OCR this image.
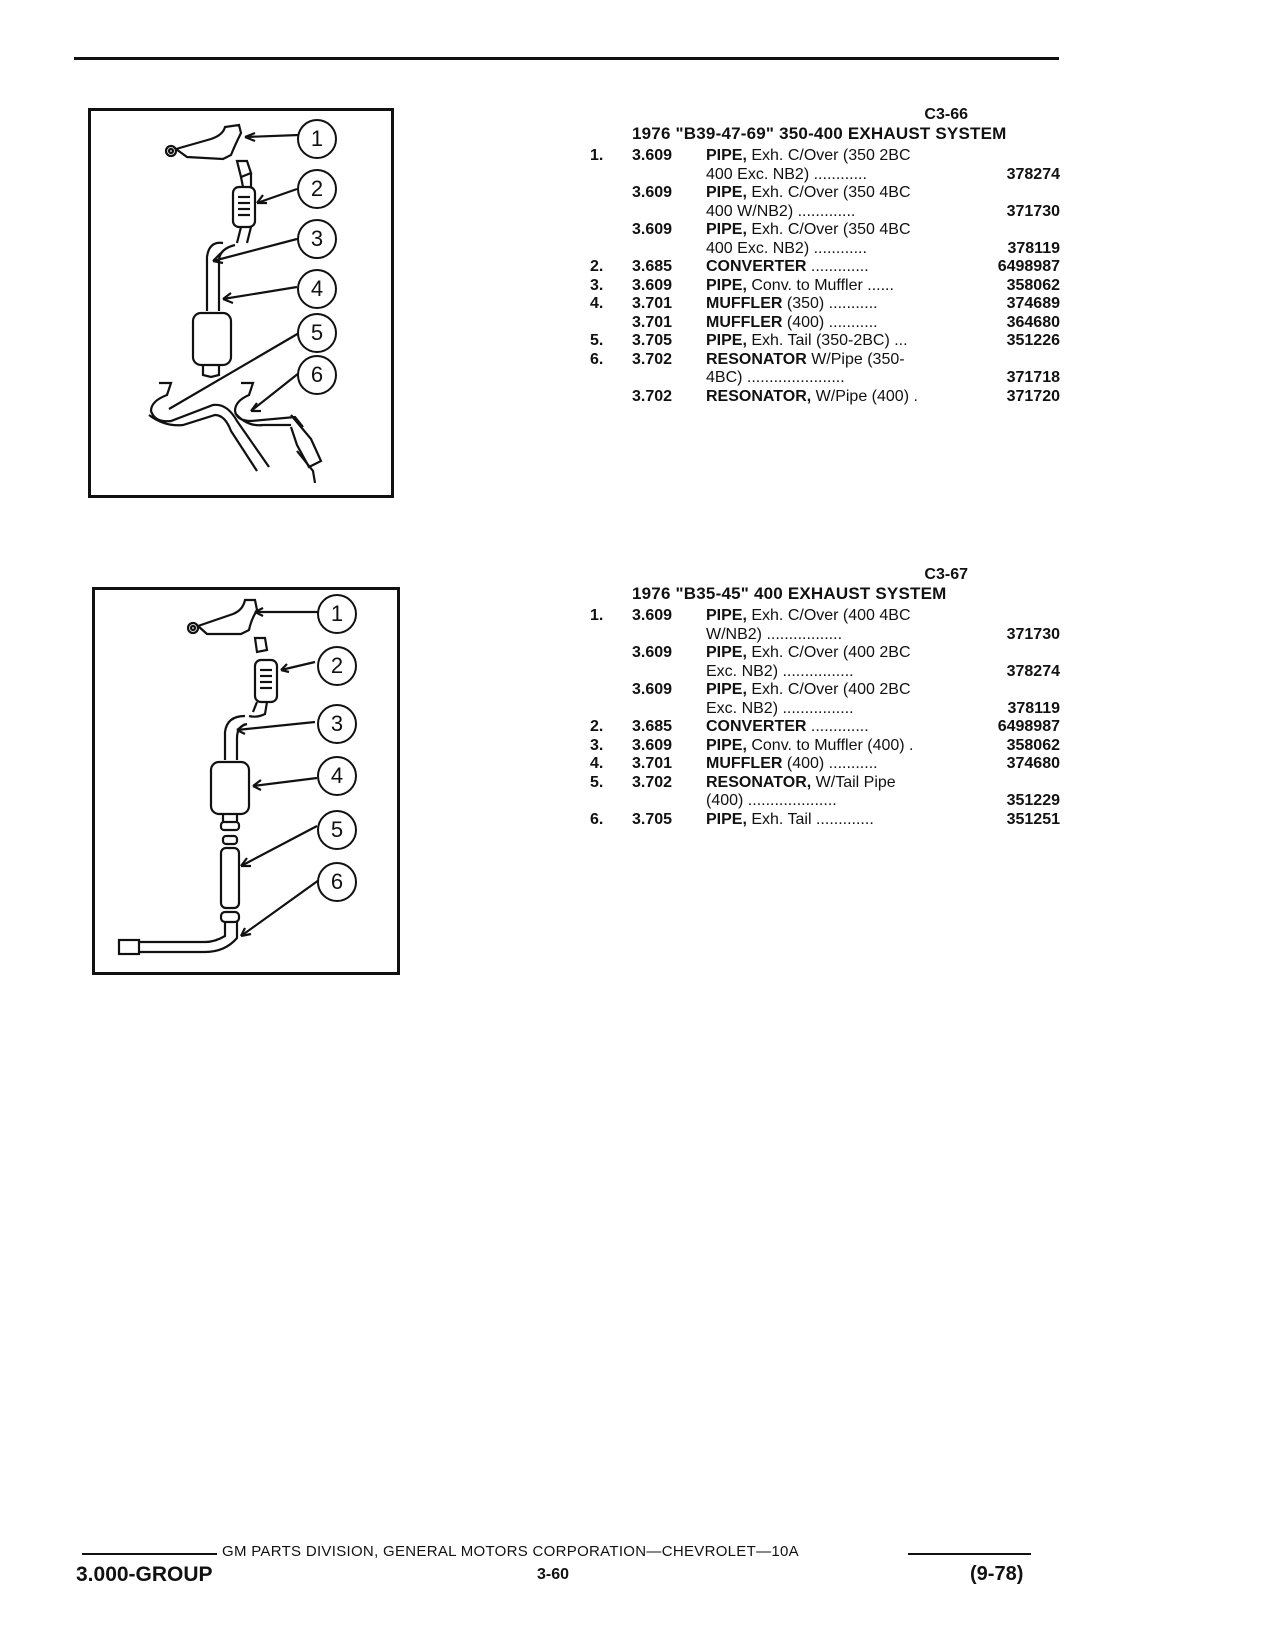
1
2
3
4
5
6
1
2
3
4
5
6
C3-66
1976 "B39-47-69" 350-400 EXHAUST SYSTEM
1.	3.609	PIPE, Exh. C/Over (350 2BC	
		400 Exc. NB2) ............	378274
	3.609	PIPE, Exh. C/Over (350 4BC	
		400 W/NB2) .............	371730
	3.609	PIPE, Exh. C/Over (350 4BC	
		400 Exc. NB2) ............	378119
2.	3.685	CONVERTER .............	6498987
3.	3.609	PIPE, Conv. to Muffler ......	358062
4.	3.701	MUFFLER (350) ...........	374689
	3.701	MUFFLER (400) ...........	364680
5.	3.705	PIPE, Exh. Tail (350-2BC) ...	351226
6.	3.702	RESONATOR W/Pipe (350-	
		4BC) ......................	371718
	3.702	RESONATOR, W/Pipe (400) .	371720
C3-67
1976 "B35-45" 400 EXHAUST SYSTEM
1.	3.609	PIPE, Exh. C/Over (400 4BC	
		W/NB2) .................	371730
	3.609	PIPE, Exh. C/Over (400 2BC	
		Exc. NB2) ................	378274
	3.609	PIPE, Exh. C/Over (400 2BC	
		Exc. NB2) ................	378119
2.	3.685	CONVERTER .............	6498987
3.	3.609	PIPE, Conv. to Muffler (400) .	358062
4.	3.701	MUFFLER (400) ...........	374680
5.	3.702	RESONATOR, W/Tail Pipe	
		(400) ....................	351229
6.	3.705	PIPE, Exh. Tail .............	351251
GM PARTS DIVISION, GENERAL MOTORS CORPORATION—CHEVROLET—10A
3.000-GROUP	3-60	(9-78)
